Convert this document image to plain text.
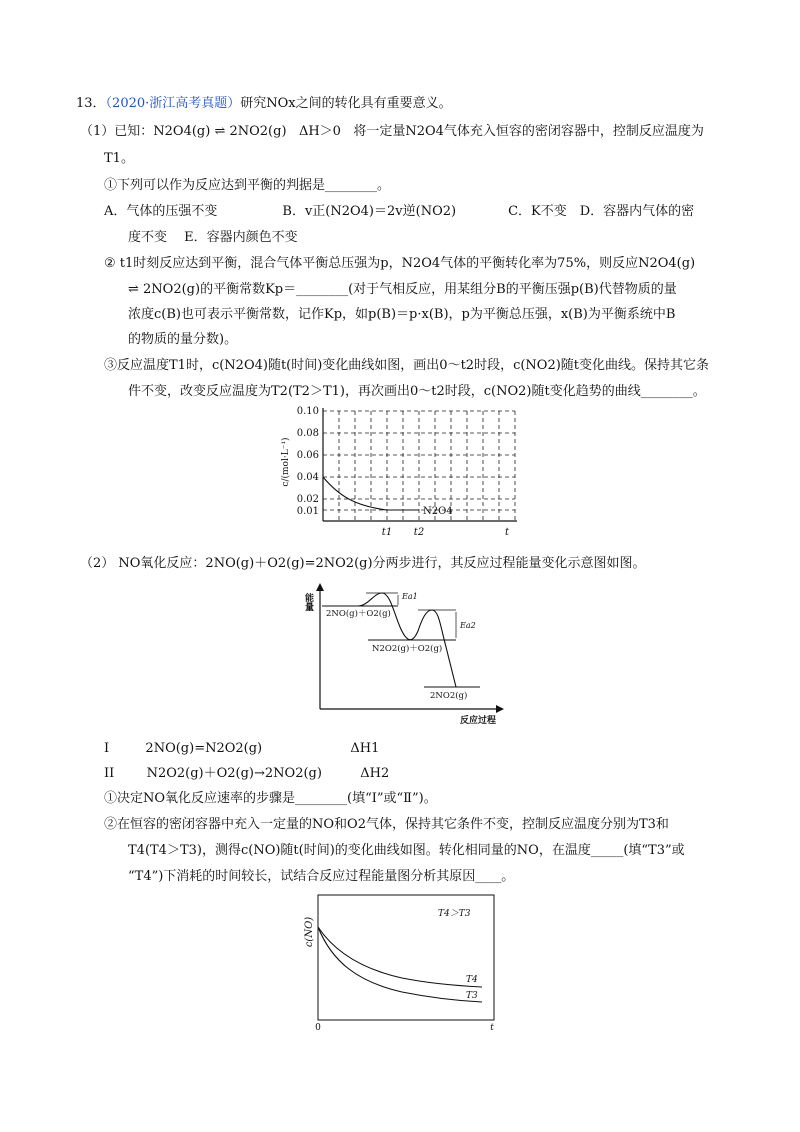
13．（2020·浙江高考真题）研究NOx之间的转化具有重要意义。
（1）已知：N2O4(g) ⇌ 2NO2(g) ΔH＞0 将一定量N2O4气体充入恒容的密闭容器中，控制反应温度为
T1。
①下列可以作为反应达到平衡的判据是________。
A．气体的压强不变　　　　　B．v正(N2O4)＝2v逆(NO2)　　　　C．K不变　D．容器内气体的密
度不变　 E．容器内颜色不变
② t1时刻反应达到平衡，混合气体平衡总压强为p，N2O4气体的平衡转化率为75%，则反应N2O4(g)
⇌ 2NO2(g)的平衡常数Kp＝________(对于气相反应，用某组分B的平衡压强p(B)代替物质的量
浓度c(B)也可表示平衡常数，记作Kp，如p(B)＝p·x(B)，p为平衡总压强，x(B)为平衡系统中B
的物质的量分数)。
③反应温度T1时，c(N2O4)随t(时间)变化曲线如图，画出0～t2时段，c(NO2)随t变化曲线。保持其它条
件不变，改变反应温度为T2(T2＞T1)，再次画出0～t2时段，c(NO2)随t变化趋势的曲线________。
c/(mol·L⁻¹)
0.10
0.08
0.06
0.04
0.02
0.01
t1 t2	t
N2O4
（2） NO氧化反应：2NO(g)＋O2(g)=2NO2(g)分两步进行，其反应过程能量变化示意图如图。
能量
反应过程
2NO(g)＋O2(g)
N2O2(g)＋O2(g)
2NO2(g)
Ea1
Ea2
I	2NO(g)=N2O2(g)	ΔH1
II N2O2(g)＋O2(g)→2NO2(g)	ΔH2
①决定NO氧化反应速率的步骤是________(填“Ⅰ”或“Ⅱ”)。
②在恒容的密闭容器中充入一定量的NO和O2气体，保持其它条件不变，控制反应温度分别为T3和
T4(T4＞T3)，测得c(NO)随t(时间)的变化曲线如图。转化相同量的NO，在温度_____(填“T3”或
“T4”)下消耗的时间较长，试结合反应过程能量图分析其原因____。
c(NO)
0	t
T4＞T3
T4
T3
